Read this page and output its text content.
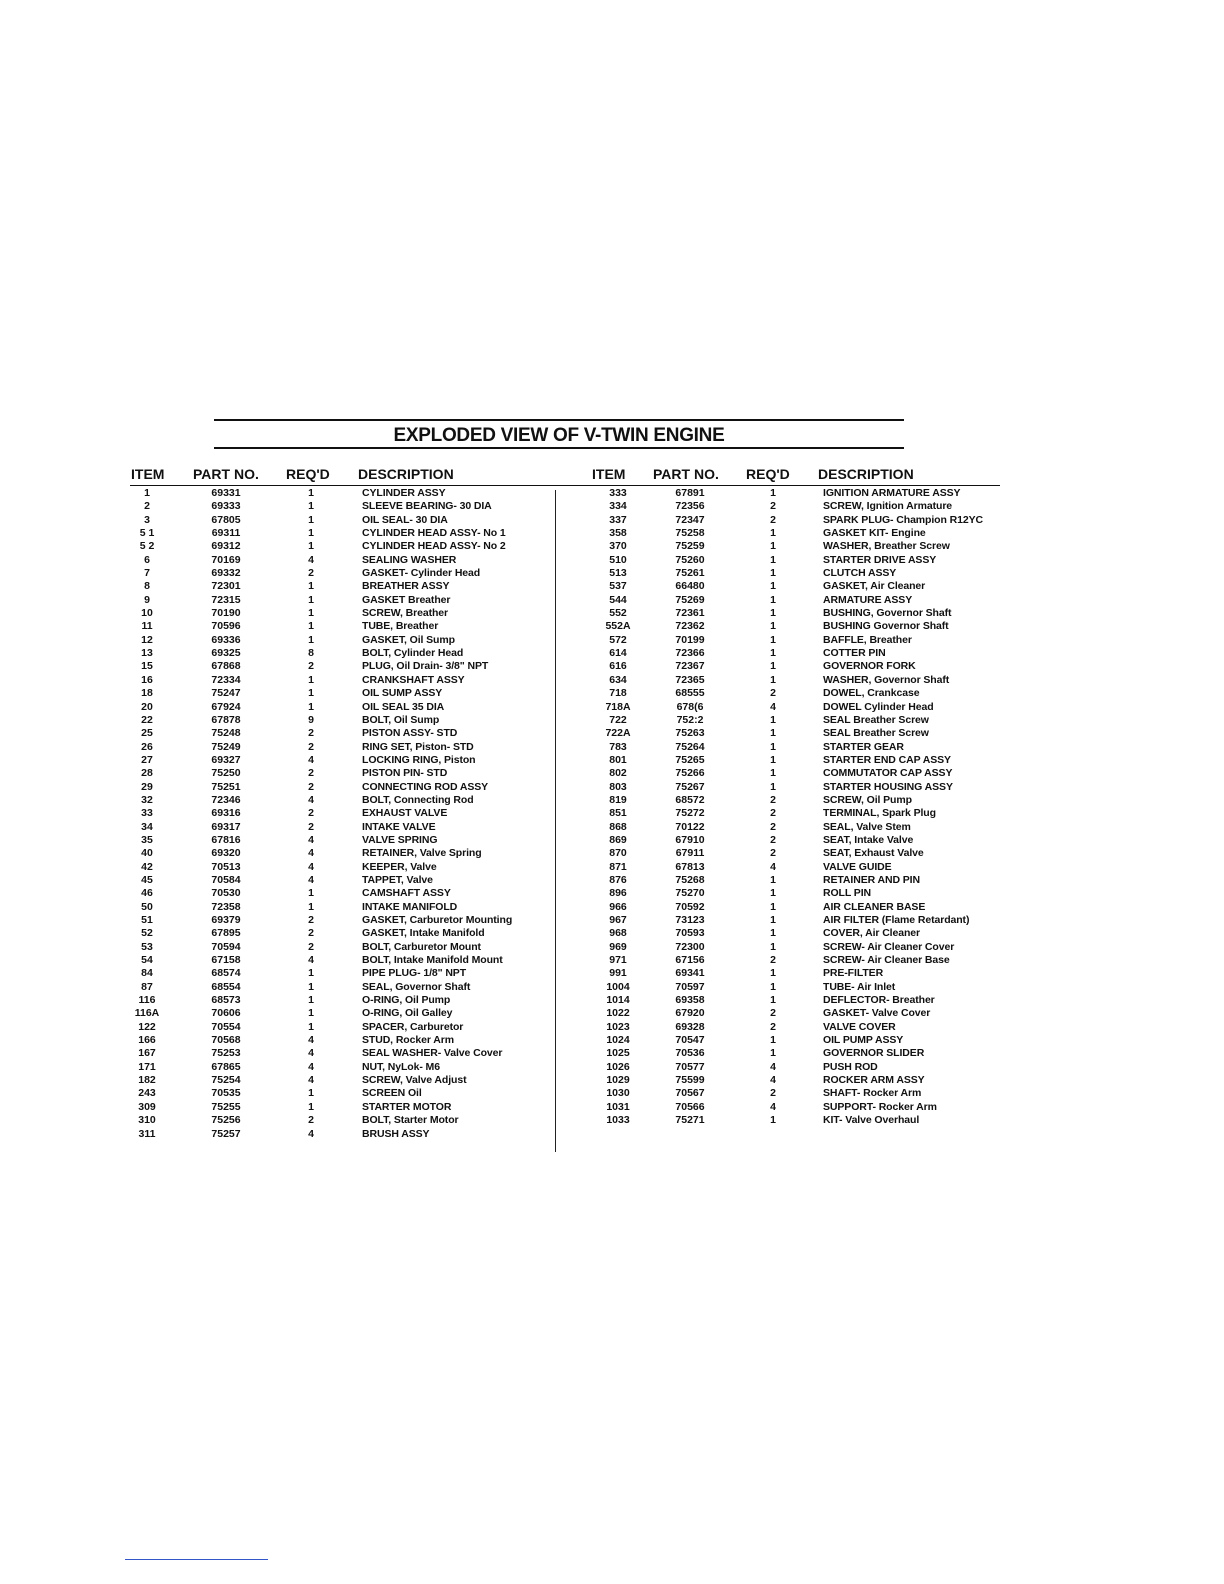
EXPLODED VIEW OF V-TWIN ENGINE
ITEM PART NO. REQ'D DESCRIPTION	ITEM PART NO. REQ'D DESCRIPTION
1	69331	1	CYLINDER ASSY
2	69333	1	SLEEVE BEARING- 30 DIA
3	67805	1	OIL SEAL- 30 DIA
5 1	69311	1	CYLINDER HEAD ASSY- No 1
5 2	69312	1	CYLINDER HEAD ASSY- No 2
6	70169	4	SEALING WASHER
7	69332	2	GASKET- Cylinder Head
8	72301	1	BREATHER ASSY
9	72315	1	GASKET Breather
10	70190	1	SCREW, Breather
11	70596	1	TUBE, Breather
12	69336	1	GASKET, Oil Sump
13	69325	8	BOLT, Cylinder Head
15	67868	2	PLUG, Oil Drain- 3/8" NPT
16	72334	1	CRANKSHAFT ASSY
18	75247	1	OIL SUMP ASSY
20	67924	1	OIL SEAL 35 DIA
22	67878	9	BOLT, Oil Sump
25	75248	2	PISTON ASSY- STD
26	75249	2	RING SET, Piston- STD
27	69327	4	LOCKING RING, Piston
28	75250	2	PISTON PIN- STD
29	75251	2	CONNECTING ROD ASSY
32	72346	4	BOLT, Connecting Rod
33	69316	2	EXHAUST VALVE
34	69317	2	INTAKE VALVE
35	67816	4	VALVE SPRING
40	69320	4	RETAINER, Valve Spring
42	70513	4	KEEPER, Valve
45	70584	4	TAPPET, Valve
46	70530	1	CAMSHAFT ASSY
50	72358	1	INTAKE MANIFOLD
51	69379	2	GASKET, Carburetor Mounting
52	67895	2	GASKET, Intake Manifold
53	70594	2	BOLT, Carburetor Mount
54	67158	4	BOLT, Intake Manifold Mount
84	68574	1	PIPE PLUG- 1/8" NPT
87	68554	1	SEAL, Governor Shaft
116	68573	1	O-RING, Oil Pump
116A	70606	1	O-RING, Oil Galley
122	70554	1	SPACER, Carburetor
166	70568	4	STUD, Rocker Arm
167	75253	4	SEAL WASHER- Valve Cover
171	67865	4	NUT, NyLok- M6
182	75254	4	SCREW, Valve Adjust
243	70535	1	SCREEN Oil
309	75255	1	STARTER MOTOR
310	75256	2	BOLT, Starter Motor
311	75257	4	BRUSH ASSY
333	67891	1	IGNITION ARMATURE ASSY
334	72356	2	SCREW, Ignition Armature
337	72347	2	SPARK PLUG- Champion R12YC
358	75258	1	GASKET KIT- Engine
370	75259	1	WASHER, Breather Screw
510	75260	1	STARTER DRIVE ASSY
513	75261	1	CLUTCH ASSY
537	66480	1	GASKET, Air Cleaner
544	75269	1	ARMATURE ASSY
552	72361	1	BUSHING, Governor Shaft
552A	72362	1	BUSHING Governor Shaft
572	70199	1	BAFFLE, Breather
614	72366	1	COTTER PIN
616	72367	1	GOVERNOR FORK
634	72365	1	WASHER, Governor Shaft
718	68555	2	DOWEL, Crankcase
718A	678(6	4	DOWEL Cylinder Head
722	752:2	1	SEAL Breather Screw
722A	75263	1	SEAL Breather Screw
783	75264	1	STARTER GEAR
801	75265	1	STARTER END CAP ASSY
802	75266	1	COMMUTATOR CAP ASSY
803	75267	1	STARTER HOUSING ASSY
819	68572	2	SCREW, Oil Pump
851	75272	2	TERMINAL, Spark Plug
868	70122	2	SEAL, Valve Stem
869	67910	2	SEAT, Intake Valve
870	67911	2	SEAT, Exhaust Valve
871	67813	4	VALVE GUIDE
876	75268	1	RETAINER AND PIN
896	75270	1	ROLL PIN
966	70592	1	AIR CLEANER BASE
967	73123	1	AIR FILTER (Flame Retardant)
968	70593	1	COVER, Air Cleaner
969	72300	1	SCREW- Air Cleaner Cover
971	67156	2	SCREW- Air Cleaner Base
991	69341	1	PRE-FILTER
1004	70597	1	TUBE- Air Inlet
1014	69358	1	DEFLECTOR- Breather
1022	67920	2	GASKET- Valve Cover
1023	69328	2	VALVE COVER
1024	70547	1	OIL PUMP ASSY
1025	70536	1	GOVERNOR SLIDER
1026	70577	4	PUSH ROD
1029	75599	4	ROCKER ARM ASSY
1030	70567	2	SHAFT- Rocker Arm
1031	70566	4	SUPPORT- Rocker Arm
1033	75271	1	KIT- Valve Overhaul
